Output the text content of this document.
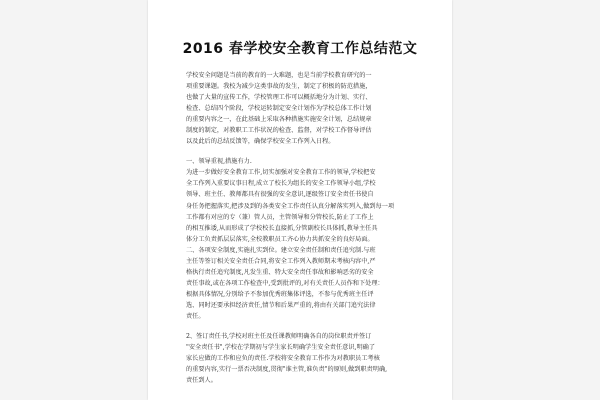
2016 春学校安全教育工作总结范文
学校安全问题是当前的教育的一大难题，也是当前学校教育研究的一
项重要课题。我校为减少这类事故的发生，制定了积极的防范措施，
也做了大量的宣传工作，学校管理工作可以概括地分为计划、实行、
检查、总结四个阶段，学校运转制定安全计划作为学校总体工作计划
的重要内容之一，在此基础上采取各种措施实施安全计划，总结规章
制度的制定，对教职工工作状况的检查、监督，对学校工作督导评估
以及此后的总结反馈等，确保学校安全工作列入日程。
一、领导重视,措施有力.
为进一步做好安全教育工作,切实加强对安全教育工作的领导,学校把安
全工作列入重要议事日程,成立了校长为组长的安全工作领导小组,学校
领导、班主任、教师都具有很强的安全意识,逐级签订安全责任书使自
身任务把握落实,把涉及到的各类安全工作责任认真分解落实列入,做到每一项
工作都有对应的专（兼）管人员，主管领导和分管校长,防止了工作上
的相互推诿,从而形成了学校校长直接抓,分管副校长具体抓,教导主任具
体分工负责抓层层落实,全校教职员工齐心协力共抓安全的良好局面。
二、各项安全制度,实施扎实到位。建立安全责任制和责任追究制.与班
主任等签订相关安全责任合同,将安全工作列入教师期末考核内容中,严
格执行责任追究制度,凡发生重、特大安全责任事故和影响恶劣的安全
责任事故,或在各项工作检查中,受到批评的,对有关责任人员作和下处理：
根据具体情况,分别给予不参加优秀班集体评选，不参与优秀班主任评
选、同时还要承担经济责任,情节和后果严重的,将由有关部门追究法律
责任。
2、签订责任书,学校对班主任及任课教师明确各自的岗位职责并签订
"安全责任书",学校在学期初与学生家长明确学生安全责任意识,明确了
家长应做的工作和应负的责任.学校将安全教育工作作为对教职员工考核
的重要内容,实行一票否决制度,贯彻"谁主管,谁负责"的原则,做到职责明确,
责任到人。
